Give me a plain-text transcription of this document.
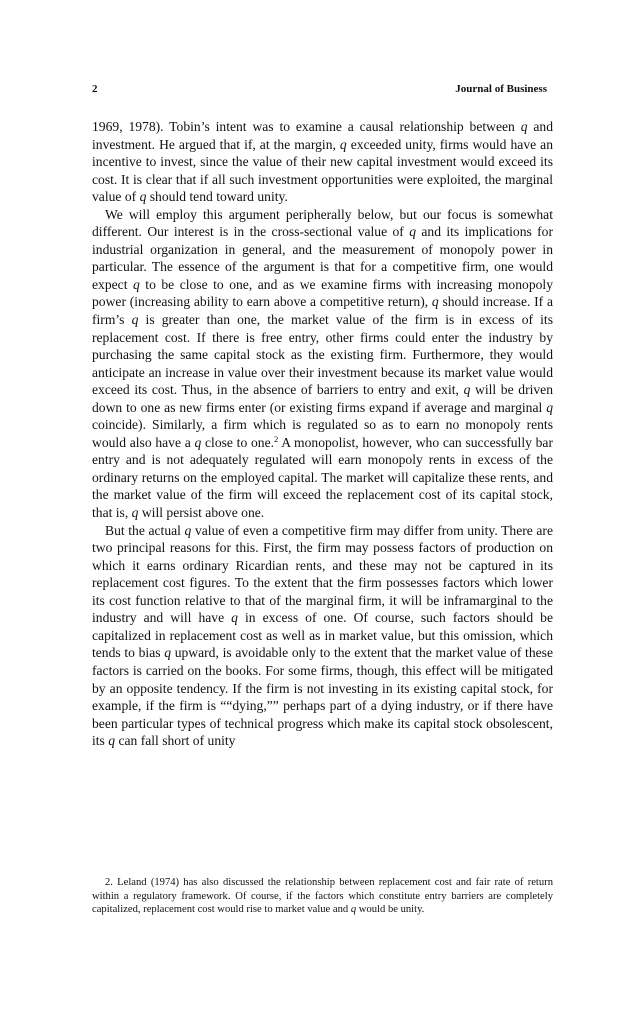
2	Journal of Business

1969, 1978). Tobin’s intent was to examine a causal relationship between q and investment. He argued that if, at the margin, q exceeded unity, firms would have an incentive to invest, since the value of their new capital investment would exceed its cost. It is clear that if all such investment opportunities were exploited, the marginal value of q should tend toward unity.

We will employ this argument peripherally below, but our focus is somewhat different. Our interest is in the cross-sectional value of q and its implications for industrial organization in general, and the measurement of monopoly power in particular. The essence of the argument is that for a competitive firm, one would expect q to be close to one, and as we examine firms with increasing monopoly power (increasing ability to earn above a competitive return), q should increase. If a firm’s q is greater than one, the market value of the firm is in excess of its replacement cost. If there is free entry, other firms could enter the industry by purchasing the same capital stock as the existing firm. Furthermore, they would anticipate an increase in value over their investment because its market value would exceed its cost. Thus, in the absence of barriers to entry and exit, q will be driven down to one as new firms enter (or existing firms expand if average and marginal q coincide). Similarly, a firm which is regulated so as to earn no monopoly rents would also have a q close to one.$^2$ A monopolist, however, who can successfully bar entry and is not adequately regulated will earn monopoly rents in excess of the ordinary returns on the employed capital. The market will capitalize these rents, and the market value of the firm will exceed the replacement cost of its capital stock, that is, q will persist above one.

But the actual q value of even a competitive firm may differ from unity. There are two principal reasons for this. First, the firm may possess factors of production on which it earns ordinary Ricardian rents, and these may not be captured in its replacement cost figures. To the extent that the firm possesses factors which lower its cost function relative to that of the marginal firm, it will be inframarginal to the industry and will have q in excess of one. Of course, such factors should be capitalized in replacement cost as well as in market value, but this omission, which tends to bias q upward, is avoidable only to the extent that the market value of these factors is carried on the books. For some firms, though, this effect will be mitigated by an opposite tendency. If the firm is not investing in its existing capital stock, for example, if the firm is ““dying,”” perhaps part of a dying industry, or if there have been particular types of technical progress which make its capital stock obsolescent, its q can fall short of unity

2. Leland (1974) has also discussed the relationship between replacement cost and fair rate of return within a regulatory framework. Of course, if the factors which constitute entry barriers are completely capitalized, replacement cost would rise to market value and q would be unity.
